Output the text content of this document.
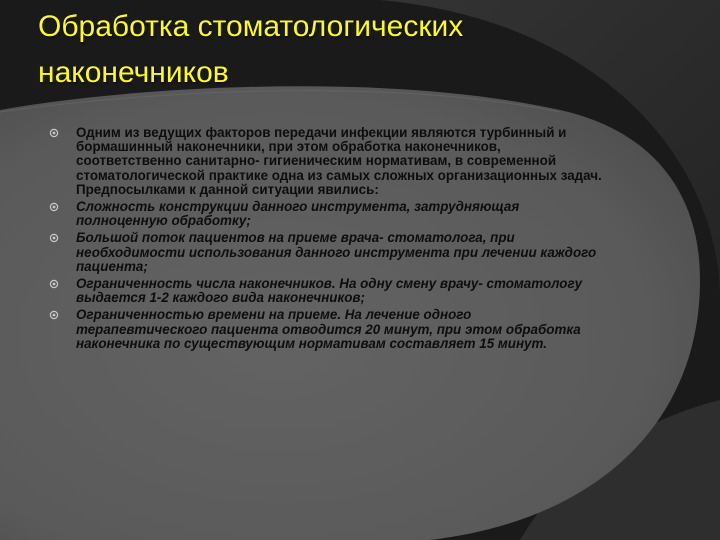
Обработка стоматологических
наконечников
Одним из ведущих факторов передачи инфекции являются турбинный и бормашинный наконечники, при этом обработка наконечников, соответственно санитарно- гигиеническим нормативам, в современной стоматологической практике одна из самых сложных организационных задач. Предпосылками к данной ситуации явились:
Сложность конструкции данного инструмента, затрудняющая полноценную обработку;
Большой поток пациентов на приеме врача- стоматолога, при необходимости использования данного инструмента при лечении каждого пациента;
Ограниченность числа наконечников. На одну смену врачу- стоматологу выдается 1-2 каждого вида наконечников;
Ограниченностью времени на приеме. На лечение одного терапевтического пациента отводится 20 минут, при этом обработка наконечника по существующим нормативам составляет 15 минут.
